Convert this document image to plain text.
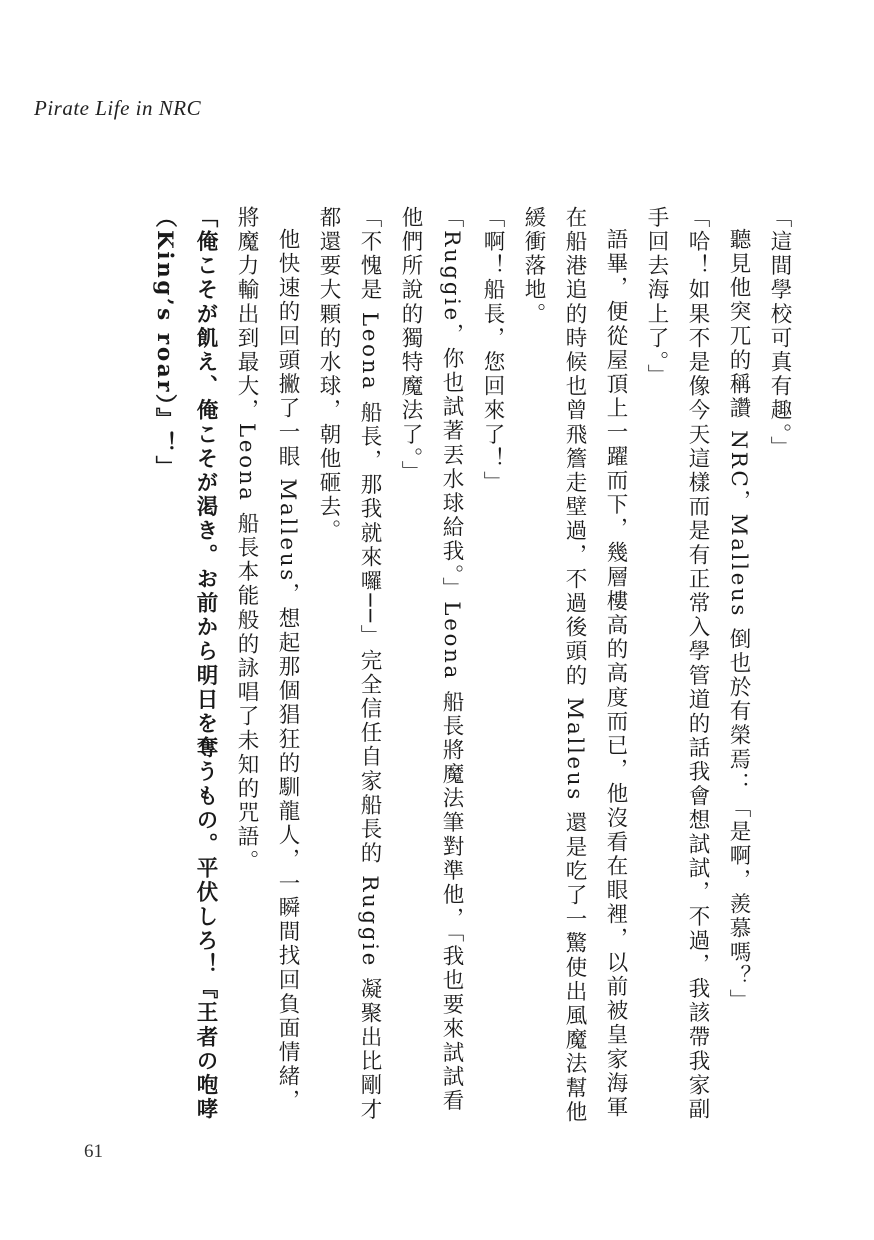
Pirate Life in NRC

「這間學校可真有趣。」

聽見他突兀的稱讚 NRC，Malleus 倒也於有榮焉：「是啊，羨慕嗎？」

「哈！如果不是像今天這樣而是有正常入學管道的話我會想試試，不過，我該帶我家副手回去海上了。」

語畢，便從屋頂上一躍而下，幾層樓高的高度而已，他沒看在眼裡，以前被皇家海軍在船港追的時候也曾飛簷走壁過，不過後頭的 Malleus 還是吃了一驚使出風魔法幫他緩衝落地。

「啊！船長，您回來了！」

「Ruggie，你也試著丟水球給我。」Leona 船長將魔法筆對準他，「我也要來試試看他們所說的獨特魔法了。」

「不愧是 Leona 船長，那我就來囉──」完全信任自家船長的 Ruggie 凝聚出比剛才都還要大顆的水球，朝他砸去。

他快速的回頭撇了一眼 Malleus，想起那個猖狂的馴龍人，一瞬間找回負面情緒，將魔力輸出到最大，Leona 船長本能般的詠唱了未知的咒語。

「俺こそが飢え、俺こそが渇き。お前から明日を奪うもの。平伏しろ！『王者の咆哮（King’s roar）』！」

61
